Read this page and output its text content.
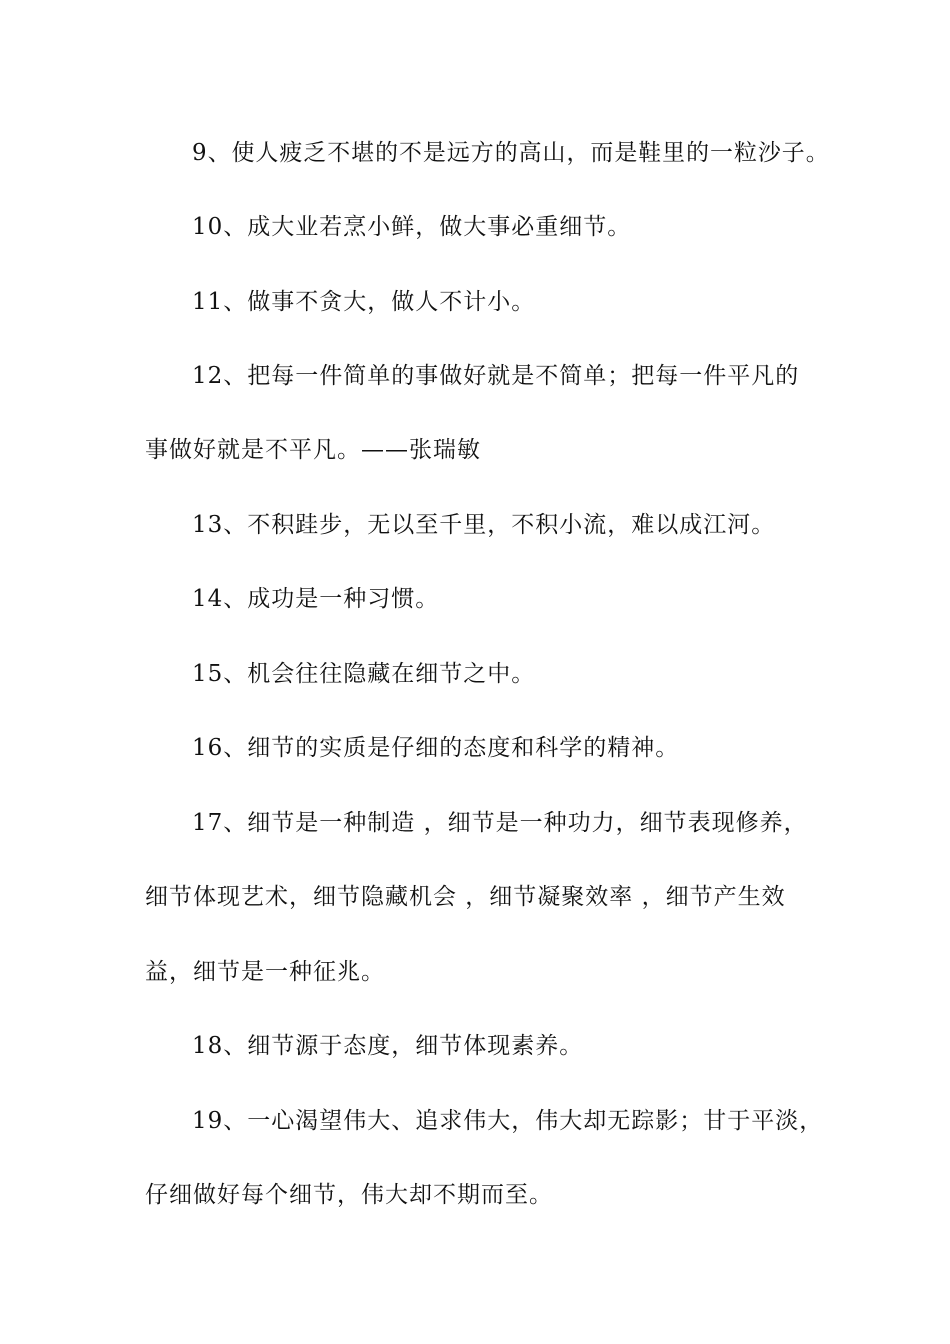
9、使人疲乏不堪的不是远方的高山，而是鞋里的一粒沙子。
10、成大业若烹小鲜，做大事必重细节。
11、做事不贪大，做人不计小。
12、把每一件简单的事做好就是不简单；把每一件平凡的
事做好就是不平凡。——张瑞敏
13、不积跬步，无以至千里，不积小流，难以成江河。
14、成功是一种习惯。
15、机会往往隐藏在细节之中。
16、细节的实质是仔细的态度和科学的精神。
17、细节是一种制造 ，细节是一种功力，细节表现修养，
细节体现艺术，细节隐藏机会 ，细节凝聚效率 ，细节产生效
益，细节是一种征兆。
18、细节源于态度，细节体现素养。
19、一心渴望伟大、追求伟大，伟大却无踪影；甘于平淡，
仔细做好每个细节，伟大却不期而至。
